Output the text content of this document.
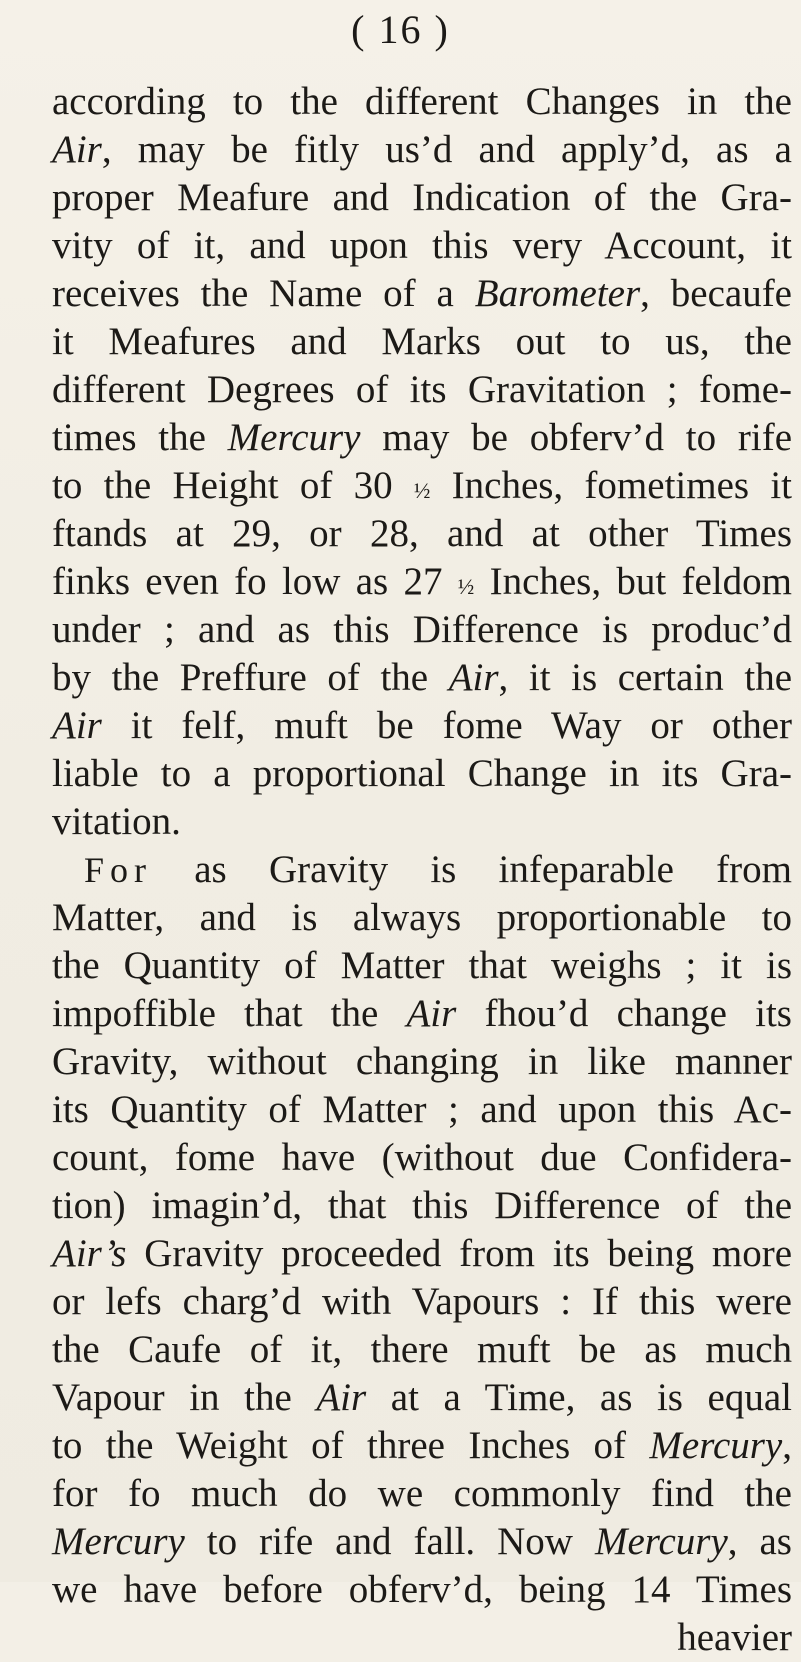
( 16 )
according to the different Changes in the
Air, may be fitly us’d and apply’d, as a
proper Meafure and Indication of the Gra-
vity of it, and upon this very Account, it
receives the Name of a Barometer, becaufe
it Meafures and Marks out to us, the
different Degrees of its Gravitation ; fome-
times the Mercury may be obferv’d to rife
to the Height of 30 ½ Inches, fometimes it
ftands at 29, or 28, and at other Times
finks even fo low as 27 ½ Inches, but feldom
under ; and as this Difference is produc’d
by the Preffure of the Air, it is certain the
Air it felf, muft be fome Way or other
liable to a proportional Change in its Gra-
vitation.
For as Gravity is infeparable from
Matter, and is always proportionable to
the Quantity of Matter that weighs ; it is
impoffible that the Air fhou’d change its
Gravity, without changing in like manner
its Quantity of Matter ; and upon this Ac-
count, fome have (without due Confidera-
tion) imagin’d, that this Difference of the
Air’s Gravity proceeded from its being more
or lefs charg’d with Vapours : If this were
the Caufe of it, there muft be as much
Vapour in the Air at a Time, as is equal
to the Weight of three Inches of Mercury,
for fo much do we commonly find the
Mercury to rife and fall. Now Mercury, as
we have before obferv’d, being 14 Times
heavier
